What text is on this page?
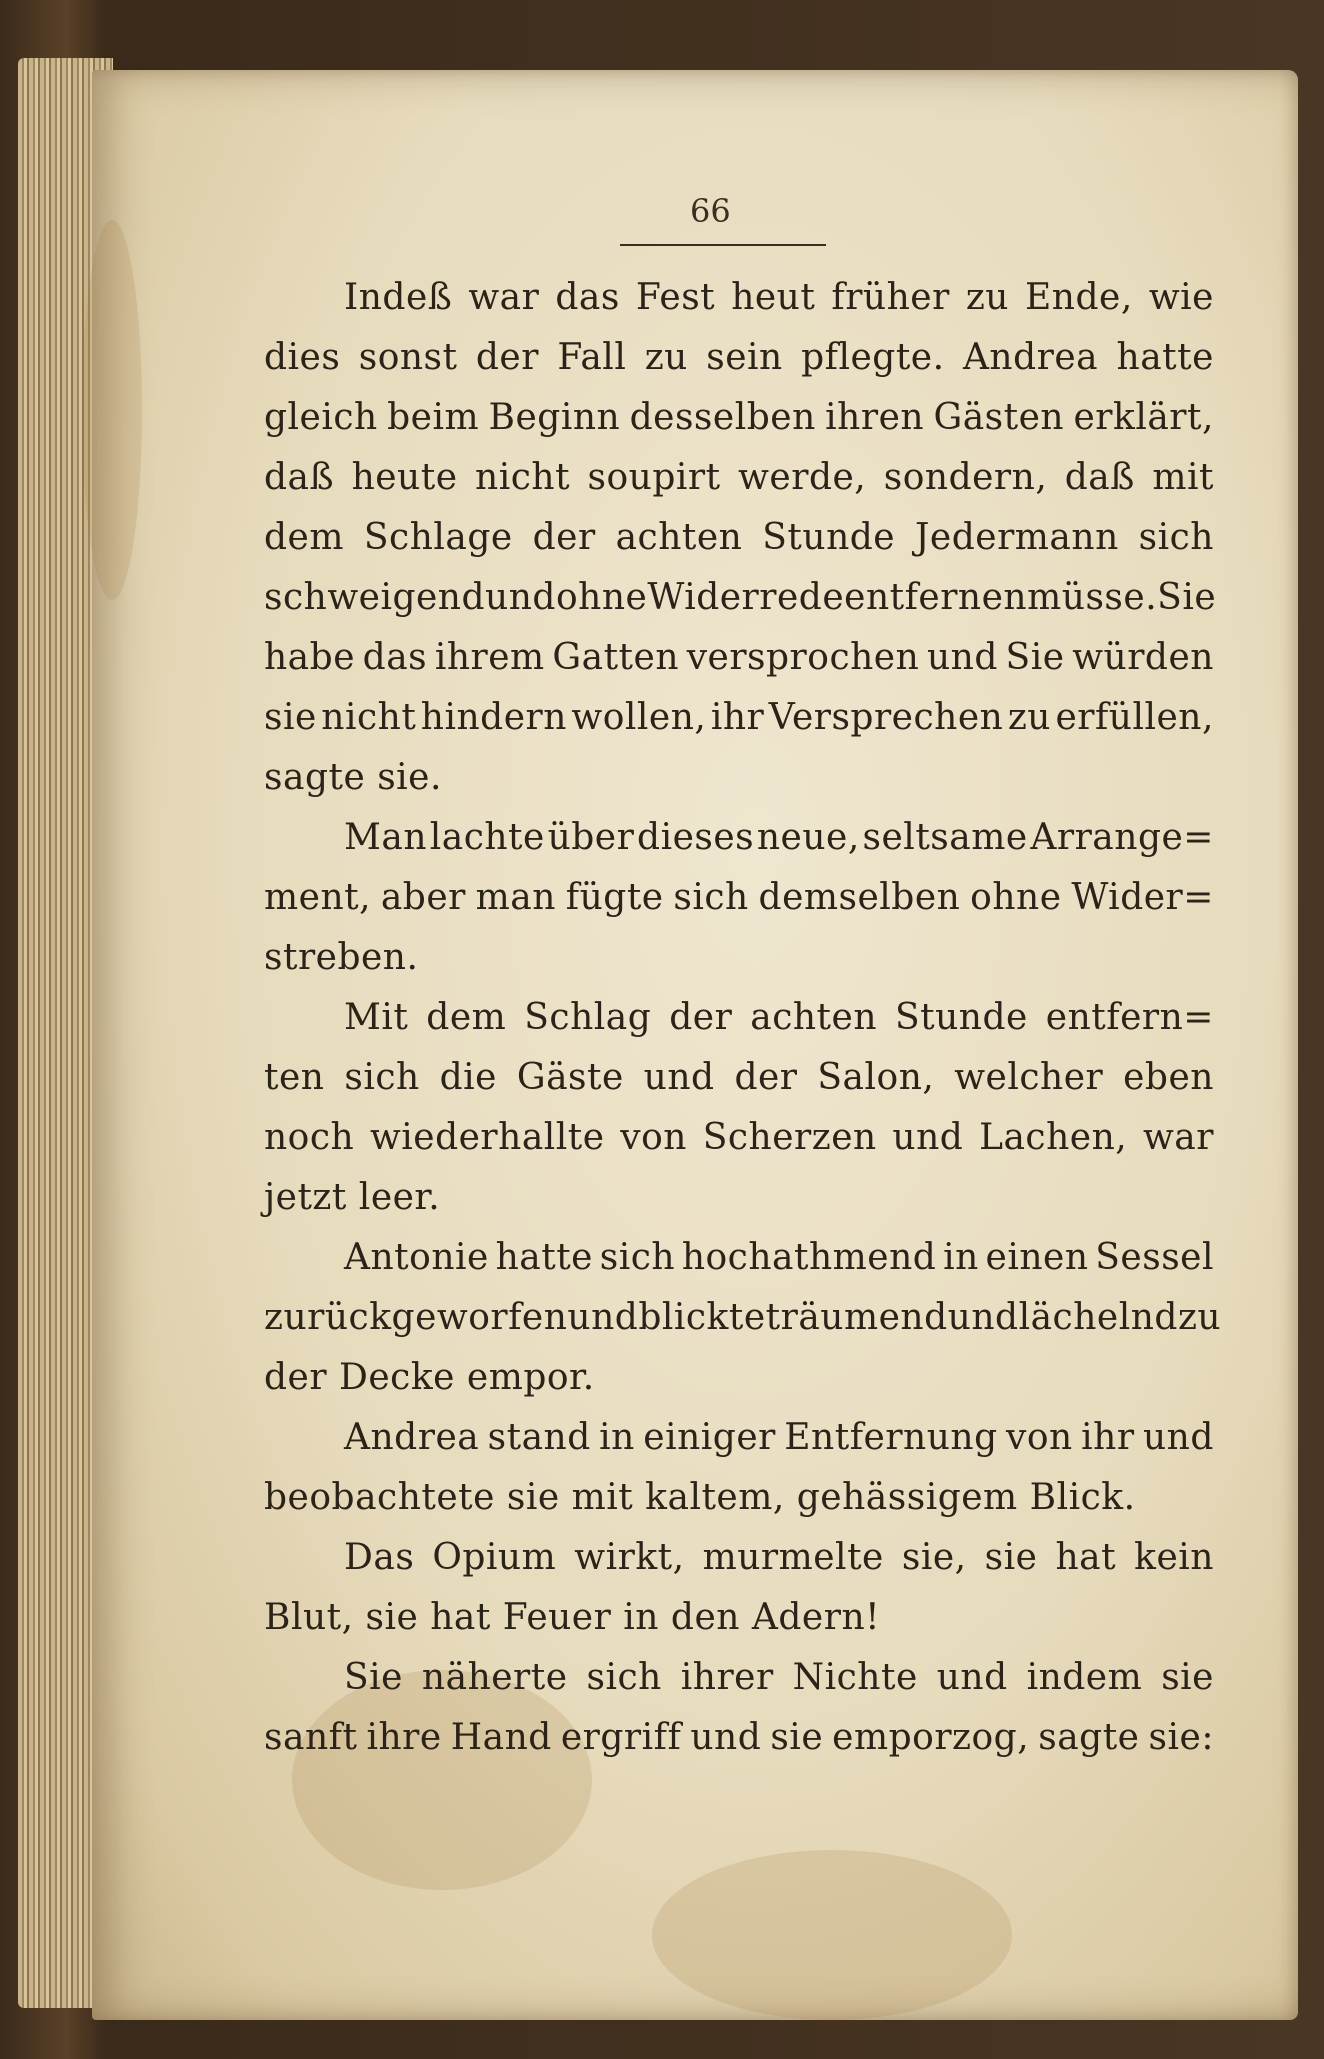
66
Indeß war das Fest heut früher zu Ende, wie
dies sonst der Fall zu sein pflegte. Andrea hatte
gleich beim Beginn desselben ihren Gästen erklärt,
daß heute nicht soupirt werde, sondern, daß mit
dem Schlage der achten Stunde Jedermann sich
schweigend und ohne Widerrede entfernen müsse. Sie
habe das ihrem Gatten versprochen und Sie würden
sie nicht hindern wollen, ihr Versprechen zu erfüllen,
sagte sie.
Man lachte über dieses neue, seltsame Arrange=
ment, aber man fügte sich demselben ohne Wider=
streben.
Mit dem Schlag der achten Stunde entfern=
ten sich die Gäste und der Salon, welcher eben
noch wiederhallte von Scherzen und Lachen, war
jetzt leer.
Antonie hatte sich hochathmend in einen Sessel
zurückgeworfen und blickte träumend und lächelnd zu
der Decke empor.
Andrea stand in einiger Entfernung von ihr und
beobachtete sie mit kaltem, gehässigem Blick.
Das Opium wirkt, murmelte sie, sie hat kein
Blut, sie hat Feuer in den Adern!
Sie näherte sich ihrer Nichte und indem sie
sanft ihre Hand ergriff und sie emporzog, sagte sie:
